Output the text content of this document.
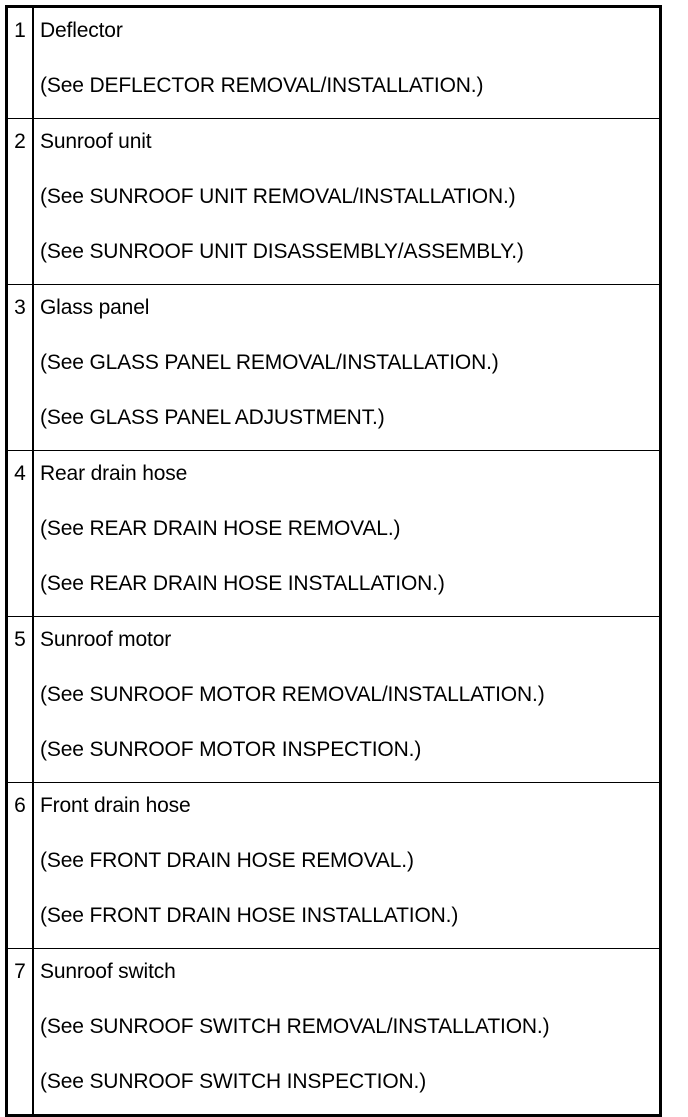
1	Deflector
(See DEFLECTOR REMOVAL/INSTALLATION.)

2	Sunroof unit
(See SUNROOF UNIT REMOVAL/INSTALLATION.)
(See SUNROOF UNIT DISASSEMBLY/ASSEMBLY.)

3	Glass panel
(See GLASS PANEL REMOVAL/INSTALLATION.)
(See GLASS PANEL ADJUSTMENT.)

4	Rear drain hose
(See REAR DRAIN HOSE REMOVAL.)
(See REAR DRAIN HOSE INSTALLATION.)

5	Sunroof motor
(See SUNROOF MOTOR REMOVAL/INSTALLATION.)
(See SUNROOF MOTOR INSPECTION.)

6	Front drain hose
(See FRONT DRAIN HOSE REMOVAL.)
(See FRONT DRAIN HOSE INSTALLATION.)

7	Sunroof switch
(See SUNROOF SWITCH REMOVAL/INSTALLATION.)
(See SUNROOF SWITCH INSPECTION.)
